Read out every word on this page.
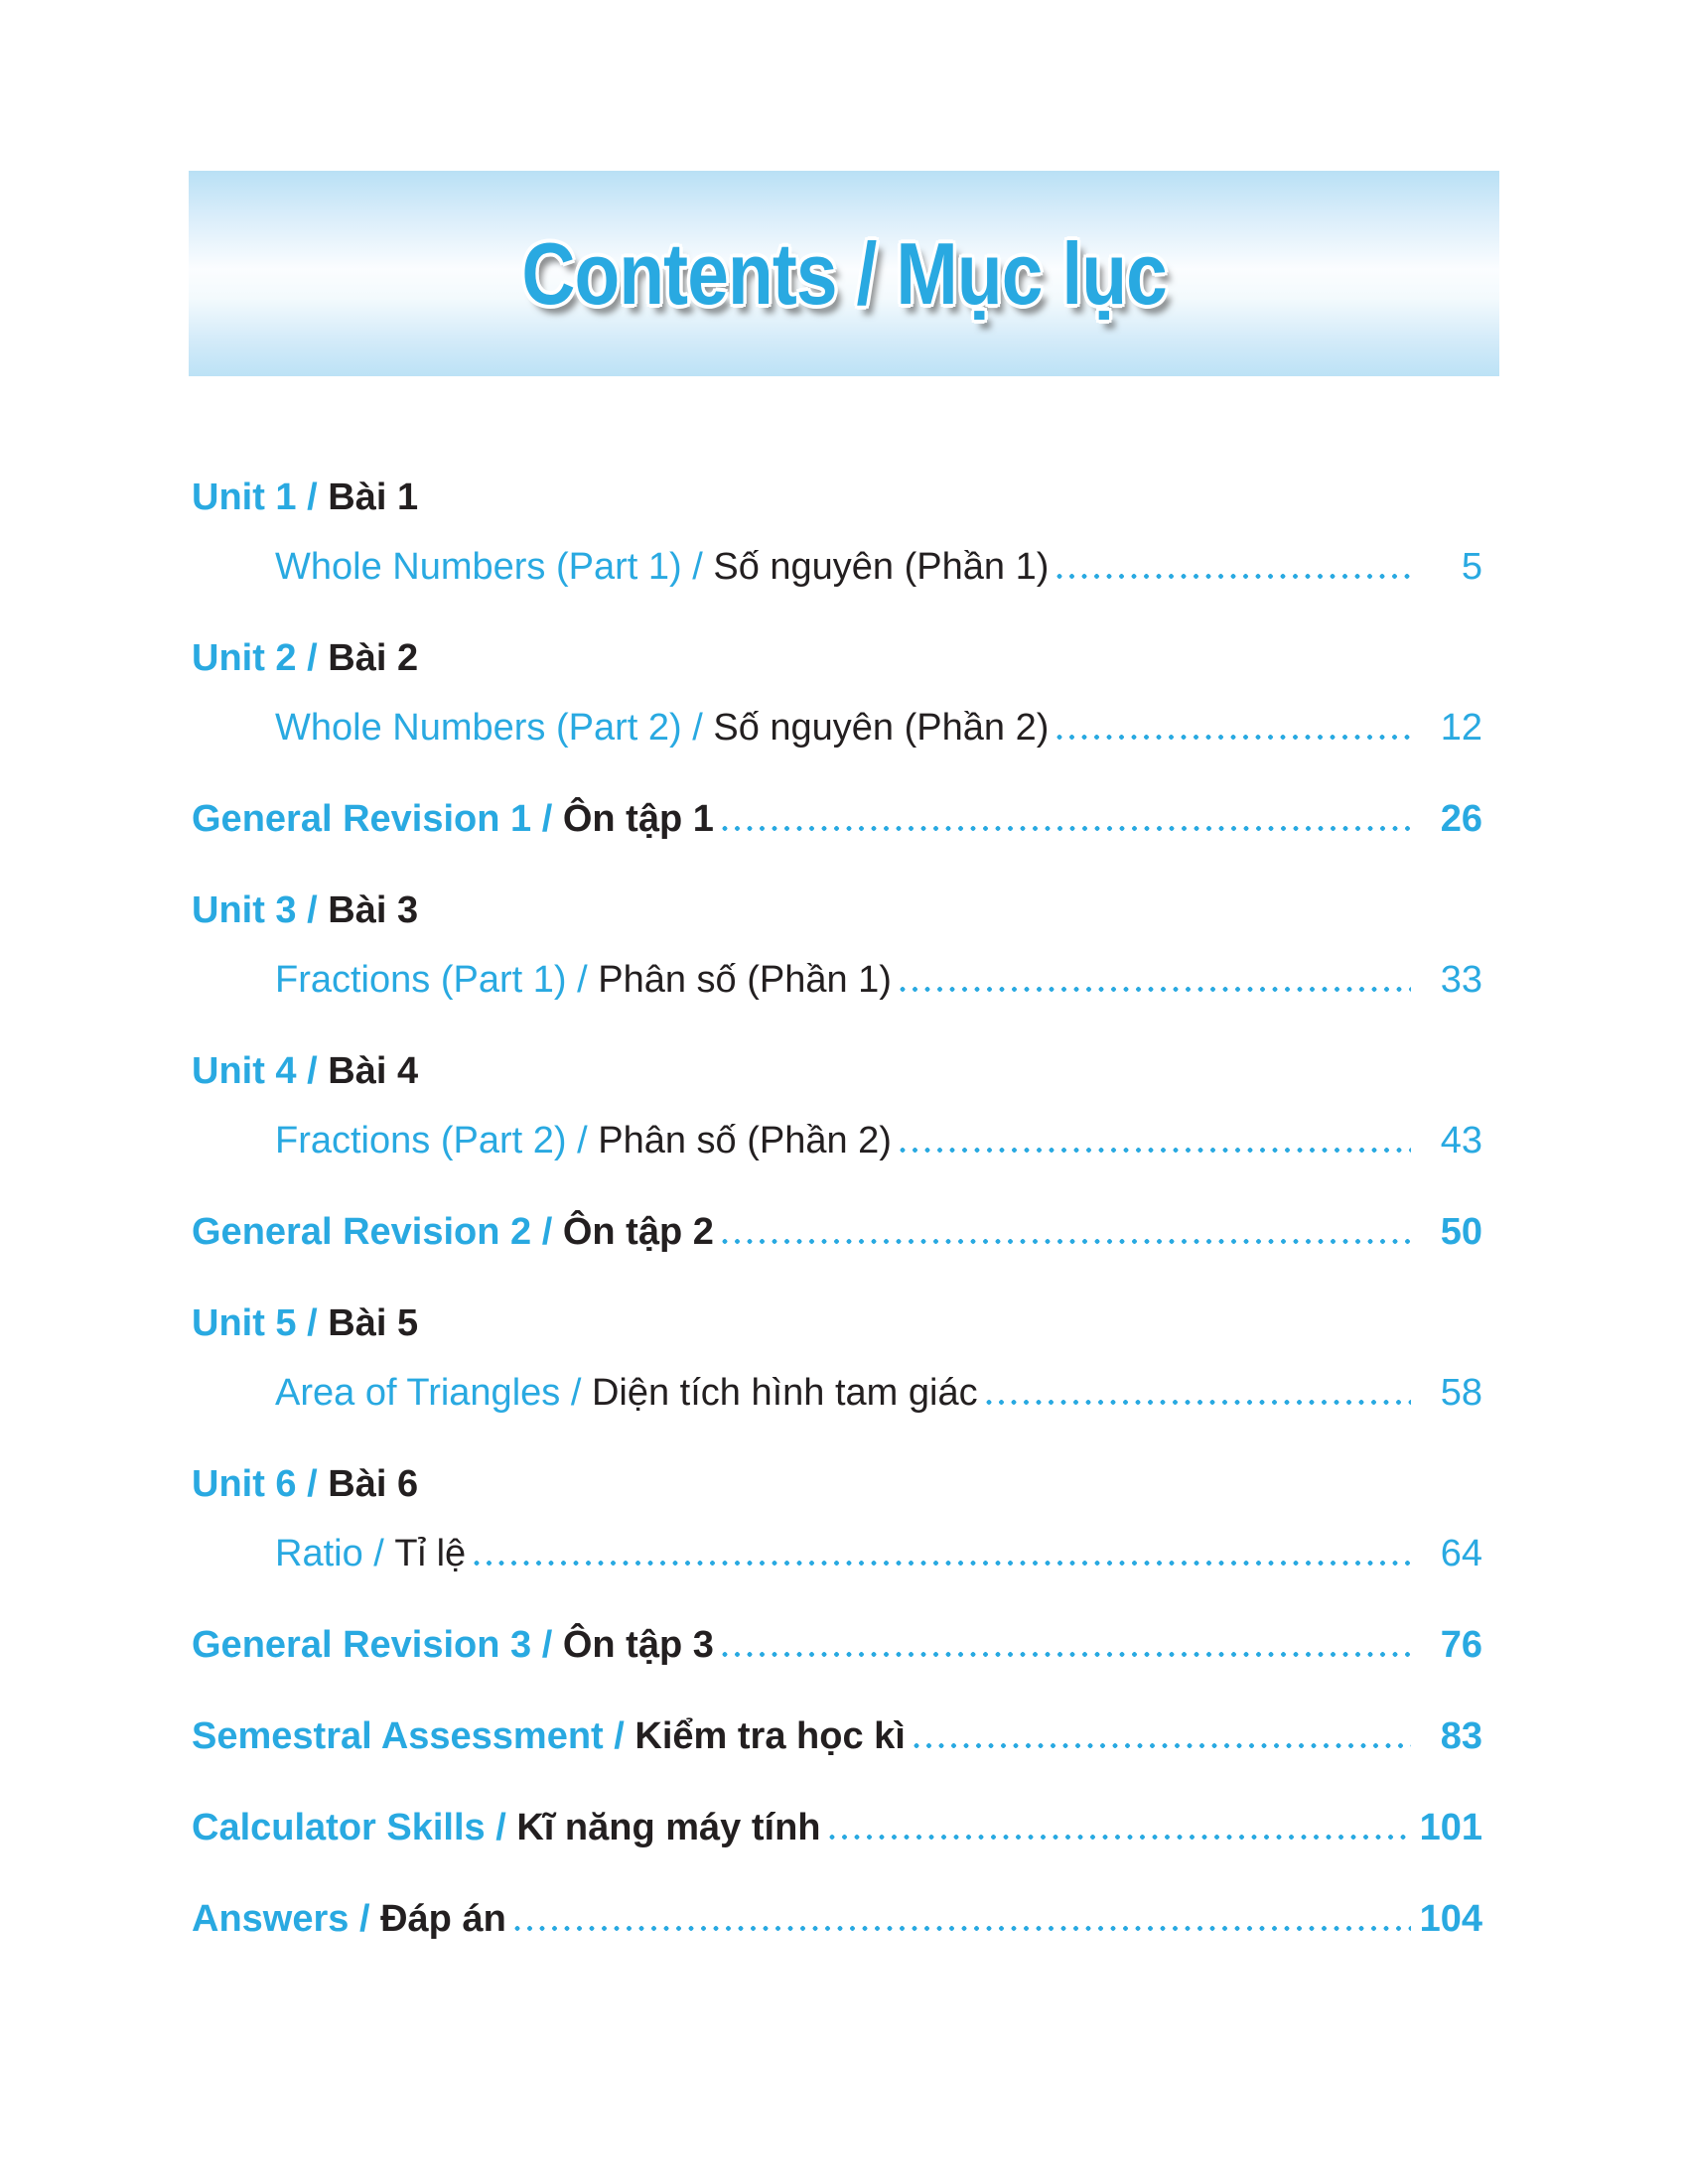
Contents / Mục lục
Unit 1 / Bài 1
Whole Numbers (Part 1) / Số nguyên (Phần 1)	5
Unit 2 / Bài 2
Whole Numbers (Part 2) / Số nguyên (Phần 2)	12
General Revision 1 / Ôn tập 1	26
Unit 3 / Bài 3
Fractions (Part 1) / Phân số (Phần 1)	33
Unit 4 / Bài 4
Fractions (Part 2) / Phân số (Phần 2)	43
General Revision 2 / Ôn tập 2	50
Unit 5 / Bài 5
Area of Triangles / Diện tích hình tam giác	58
Unit 6 / Bài 6
Ratio / Tỉ lệ	64
General Revision 3 / Ôn tập 3	76
Semestral Assessment / Kiểm tra học kì	83
Calculator Skills / Kĩ năng máy tính	101
Answers / Đáp án	104
